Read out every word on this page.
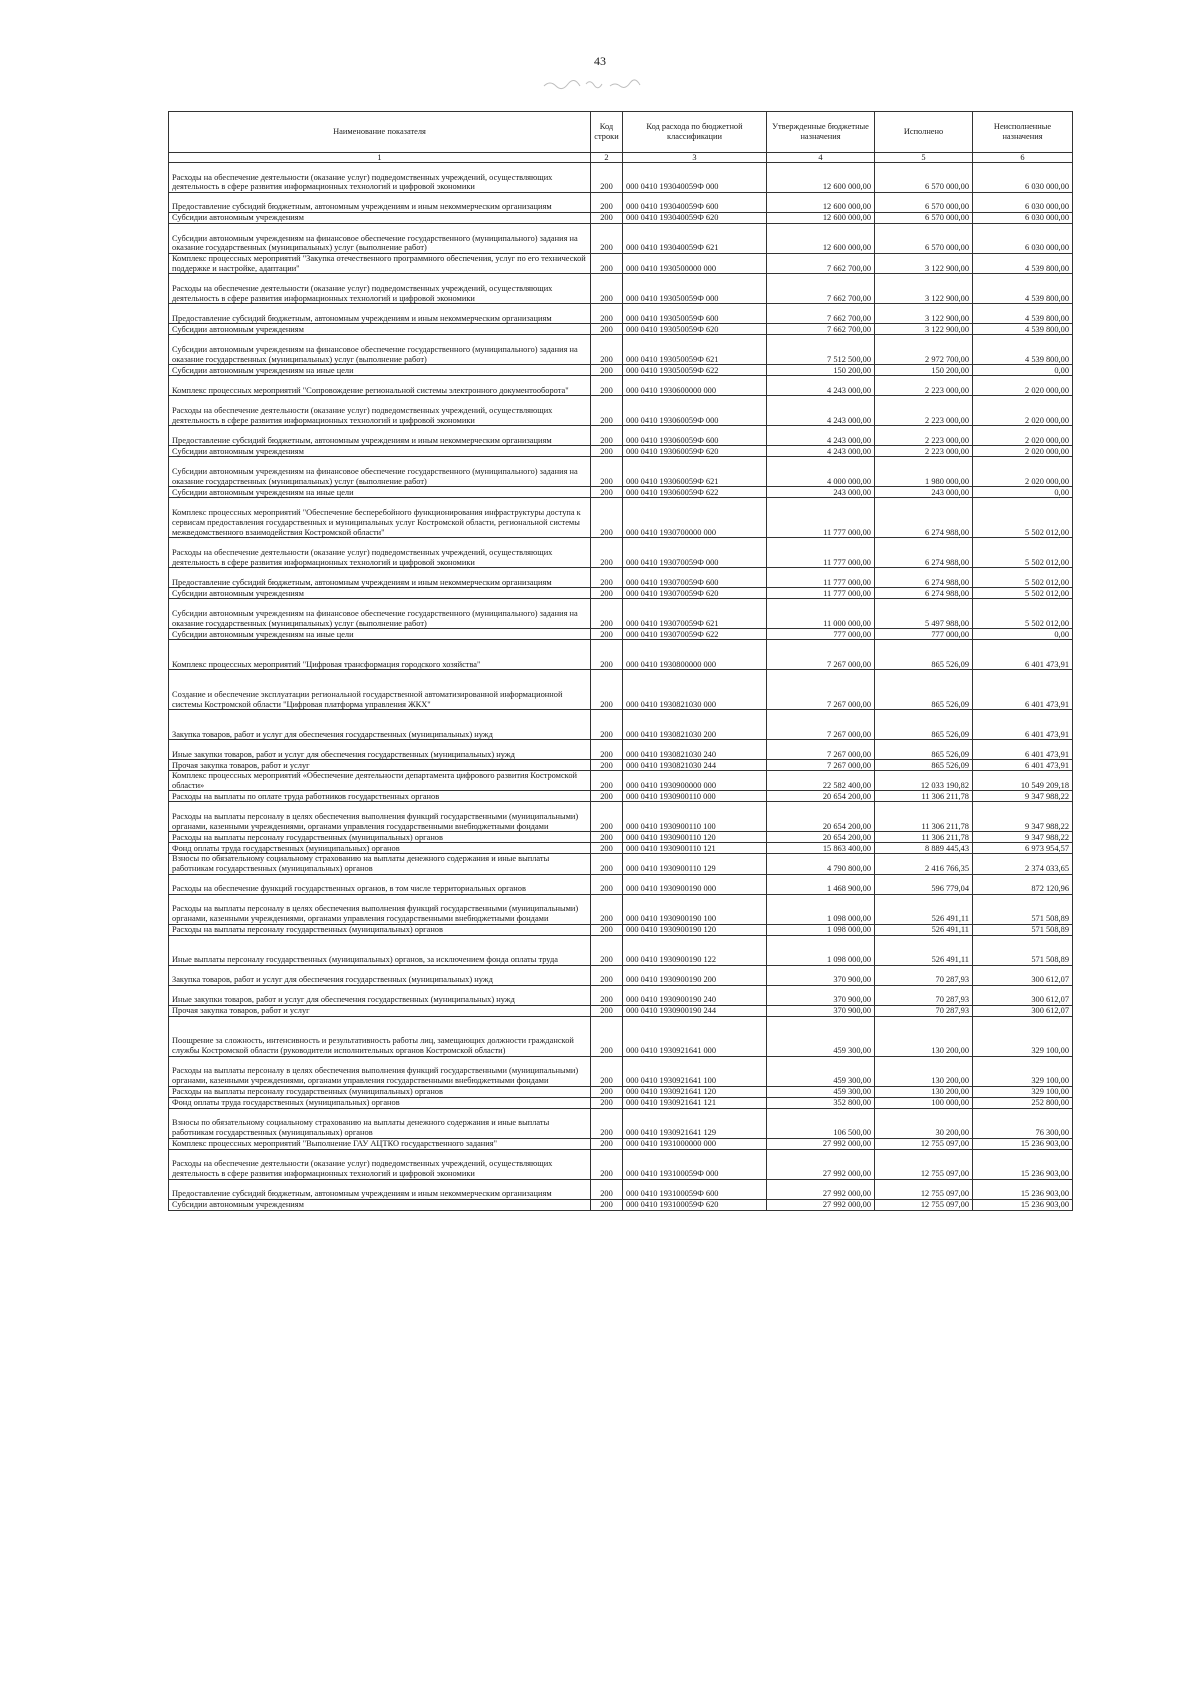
43
Наименование показателя	Код строки	Код расхода по бюджетной классификации	Утвержденные бюджетные назначения	Исполнено	Неисполненные назначения
1	2	3	4	5	6
Расходы на обеспечение деятельности (оказание услуг) подведомственных учреждений, осуществляющих деятельность в сфере развития информационных технологий и цифровой экономики	200	000 0410 193040059Ф 000	12 600 000,00	6 570 000,00	6 030 000,00
Предоставление субсидий бюджетным, автономным учреждениям и иным некоммерческим организациям	200	000 0410 193040059Ф 600	12 600 000,00	6 570 000,00	6 030 000,00
Субсидии автономным учреждениям	200	000 0410 193040059Ф 620	12 600 000,00	6 570 000,00	6 030 000,00
Субсидии автономным учреждениям на финансовое обеспечение государственного (муниципального) задания на оказание государственных (муниципальных) услуг (выполнение работ)	200	000 0410 193040059Ф 621	12 600 000,00	6 570 000,00	6 030 000,00
Комплекс процессных мероприятий "Закупка отечественного программного обеспечения, услуг по его технической поддержке и настройке, адаптации"	200	000 0410 1930500000 000	7 662 700,00	3 122 900,00	4 539 800,00
Расходы на обеспечение деятельности (оказание услуг) подведомственных учреждений, осуществляющих деятельность в сфере развития информационных технологий и цифровой экономики	200	000 0410 193050059Ф 000	7 662 700,00	3 122 900,00	4 539 800,00
Предоставление субсидий бюджетным, автономным учреждениям и иным некоммерческим организациям	200	000 0410 193050059Ф 600	7 662 700,00	3 122 900,00	4 539 800,00
Субсидии автономным учреждениям	200	000 0410 193050059Ф 620	7 662 700,00	3 122 900,00	4 539 800,00
Субсидии автономным учреждениям на финансовое обеспечение государственного (муниципального) задания на оказание государственных (муниципальных) услуг (выполнение работ)	200	000 0410 193050059Ф 621	7 512 500,00	2 972 700,00	4 539 800,00
Субсидии автономным учреждениям на иные цели	200	000 0410 193050059Ф 622	150 200,00	150 200,00	0,00
Комплекс процессных мероприятий "Сопровождение региональной системы электронного документооборота"	200	000 0410 1930600000 000	4 243 000,00	2 223 000,00	2 020 000,00
Расходы на обеспечение деятельности (оказание услуг) подведомственных учреждений, осуществляющих деятельность в сфере развития информационных технологий и цифровой экономики	200	000 0410 193060059Ф 000	4 243 000,00	2 223 000,00	2 020 000,00
Предоставление субсидий бюджетным, автономным учреждениям и иным некоммерческим организациям	200	000 0410 193060059Ф 600	4 243 000,00	2 223 000,00	2 020 000,00
Субсидии автономным учреждениям	200	000 0410 193060059Ф 620	4 243 000,00	2 223 000,00	2 020 000,00
Субсидии автономным учреждениям на финансовое обеспечение государственного (муниципального) задания на оказание государственных (муниципальных) услуг (выполнение работ)	200	000 0410 193060059Ф 621	4 000 000,00	1 980 000,00	2 020 000,00
Субсидии автономным учреждениям на иные цели	200	000 0410 193060059Ф 622	243 000,00	243 000,00	0,00
Комплекс процессных мероприятий "Обеспечение бесперебойного функционирования инфраструктуры доступа к сервисам предоставления государственных и муниципальных услуг Костромской области, региональной системы межведомственного взаимодействия Костромской области"	200	000 0410 1930700000 000	11 777 000,00	6 274 988,00	5 502 012,00
Расходы на обеспечение деятельности (оказание услуг) подведомственных учреждений, осуществляющих деятельность в сфере развития информационных технологий и цифровой экономики	200	000 0410 193070059Ф 000	11 777 000,00	6 274 988,00	5 502 012,00
Предоставление субсидий бюджетным, автономным учреждениям и иным некоммерческим организациям	200	000 0410 193070059Ф 600	11 777 000,00	6 274 988,00	5 502 012,00
Субсидии автономным учреждениям	200	000 0410 193070059Ф 620	11 777 000,00	6 274 988,00	5 502 012,00
Субсидии автономным учреждениям на финансовое обеспечение государственного (муниципального) задания на оказание государственных (муниципальных) услуг (выполнение работ)	200	000 0410 193070059Ф 621	11 000 000,00	5 497 988,00	5 502 012,00
Субсидии автономным учреждениям на иные цели	200	000 0410 193070059Ф 622	777 000,00	777 000,00	0,00
Комплекс процессных мероприятий "Цифровая трансформация городского хозяйства"	200	000 0410 1930800000 000	7 267 000,00	865 526,09	6 401 473,91
Создание и обеспечение эксплуатации региональной государственной автоматизированной информационной системы Костромской области "Цифровая платформа управления ЖКХ"	200	000 0410 1930821030 000	7 267 000,00	865 526,09	6 401 473,91
Закупка товаров, работ и услуг для обеспечения государственных (муниципальных) нужд	200	000 0410 1930821030 200	7 267 000,00	865 526,09	6 401 473,91
Иные закупки товаров, работ и услуг для обеспечения государственных (муниципальных) нужд	200	000 0410 1930821030 240	7 267 000,00	865 526,09	6 401 473,91
Прочая закупка товаров, работ и услуг	200	000 0410 1930821030 244	7 267 000,00	865 526,09	6 401 473,91
Комплекс процессных мероприятий «Обеспечение деятельности департамента цифрового развития Костромской области»	200	000 0410 1930900000 000	22 582 400,00	12 033 190,82	10 549 209,18
Расходы на выплаты по оплате труда работников государственных органов	200	000 0410 1930900110 000	20 654 200,00	11 306 211,78	9 347 988,22
Расходы на выплаты персоналу в целях обеспечения выполнения функций государственными (муниципальными) органами, казенными учреждениями, органами управления государственными внебюджетными фондами	200	000 0410 1930900110 100	20 654 200,00	11 306 211,78	9 347 988,22
Расходы на выплаты персоналу государственных (муниципальных) органов	200	000 0410 1930900110 120	20 654 200,00	11 306 211,78	9 347 988,22
Фонд оплаты труда государственных (муниципальных) органов	200	000 0410 1930900110 121	15 863 400,00	8 889 445,43	6 973 954,57
Взносы по обязательному социальному страхованию на выплаты денежного содержания и иные выплаты работникам государственных (муниципальных) органов	200	000 0410 1930900110 129	4 790 800,00	2 416 766,35	2 374 033,65
Расходы на обеспечение функций государственных органов, в том числе территориальных органов	200	000 0410 1930900190 000	1 468 900,00	596 779,04	872 120,96
Расходы на выплаты персоналу в целях обеспечения выполнения функций государственными (муниципальными) органами, казенными учреждениями, органами управления государственными внебюджетными фондами	200	000 0410 1930900190 100	1 098 000,00	526 491,11	571 508,89
Расходы на выплаты персоналу государственных (муниципальных) органов	200	000 0410 1930900190 120	1 098 000,00	526 491,11	571 508,89
Иные выплаты персоналу государственных (муниципальных) органов, за исключением фонда оплаты труда	200	000 0410 1930900190 122	1 098 000,00	526 491,11	571 508,89
Закупка товаров, работ и услуг для обеспечения государственных (муниципальных) нужд	200	000 0410 1930900190 200	370 900,00	70 287,93	300 612,07
Иные закупки товаров, работ и услуг для обеспечения государственных (муниципальных) нужд	200	000 0410 1930900190 240	370 900,00	70 287,93	300 612,07
Прочая закупка товаров, работ и услуг	200	000 0410 1930900190 244	370 900,00	70 287,93	300 612,07
Поощрение за сложность, интенсивность и результативность работы лиц, замещающих должности гражданской службы Костромской области (руководители исполнительных органов Костромской области)	200	000 0410 1930921641 000	459 300,00	130 200,00	329 100,00
Расходы на выплаты персоналу в целях обеспечения выполнения функций государственными (муниципальными) органами, казенными учреждениями, органами управления государственными внебюджетными фондами	200	000 0410 1930921641 100	459 300,00	130 200,00	329 100,00
Расходы на выплаты персоналу государственных (муниципальных) органов	200	000 0410 1930921641 120	459 300,00	130 200,00	329 100,00
Фонд оплаты труда государственных (муниципальных) органов	200	000 0410 1930921641 121	352 800,00	100 000,00	252 800,00
Взносы по обязательному социальному страхованию на выплаты денежного содержания и иные выплаты работникам государственных (муниципальных) органов	200	000 0410 1930921641 129	106 500,00	30 200,00	76 300,00
Комплекс процессных мероприятий "Выполнение ГАУ АЦТКО государственного задания"	200	000 0410 1931000000 000	27 992 000,00	12 755 097,00	15 236 903,00
Расходы на обеспечение деятельности (оказание услуг) подведомственных учреждений, осуществляющих деятельность в сфере развития информационных технологий и цифровой экономики	200	000 0410 193100059Ф 000	27 992 000,00	12 755 097,00	15 236 903,00
Предоставление субсидий бюджетным, автономным учреждениям и иным некоммерческим организациям	200	000 0410 193100059Ф 600	27 992 000,00	12 755 097,00	15 236 903,00
Субсидии автономным учреждениям	200	000 0410 193100059Ф 620	27 992 000,00	12 755 097,00	15 236 903,00
